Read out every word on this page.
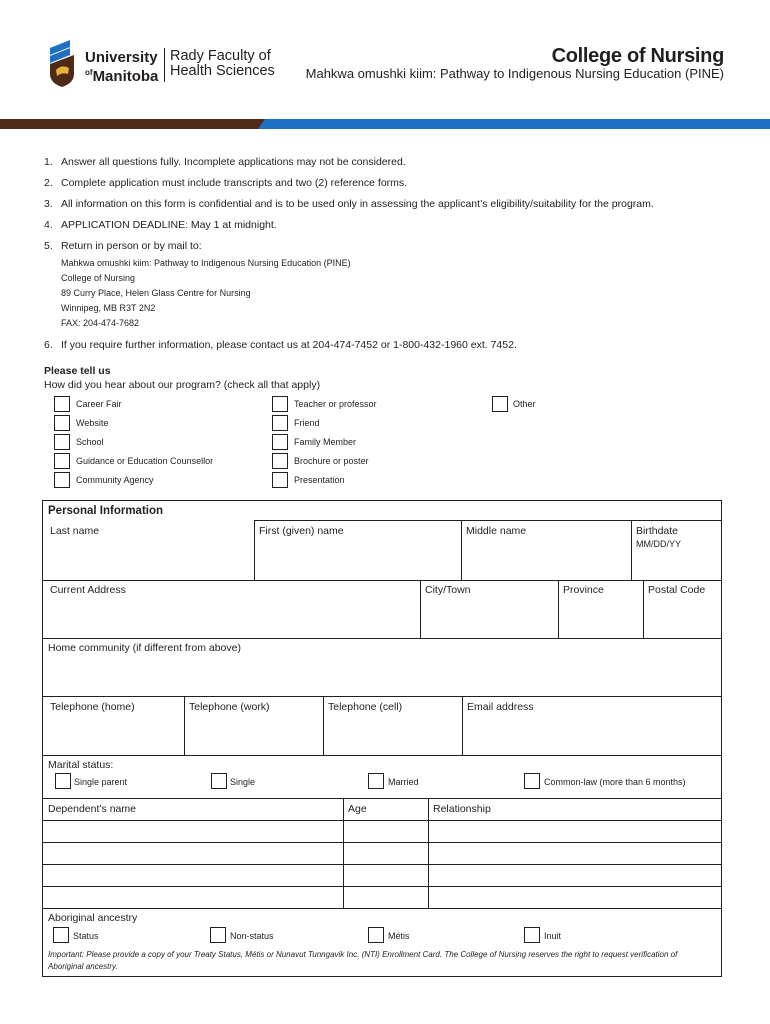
University
$^{of}$Manitoba
Rady Faculty of
Health Sciences
College of Nursing
Mahkwa omushki kiim: Pathway to Indigenous Nursing Education (PINE)
1. Answer all questions fully. Incomplete applications may not be considered.
2. Complete application must include transcripts and two (2) reference forms.
3. All information on this form is confidential and is to be used only in assessing the applicant’s eligibility/suitability for the program.
4. APPLICATION DEADLINE: May 1 at midnight.
5. Return in person or by mail to:
Mahkwa omushki kiim: Pathway to Indigenous Nursing Education (PINE)
College of Nursing
89 Curry Place, Helen Glass Centre for Nursing
Winnipeg, MB R3T 2N2
FAX: 204-474-7682
6. If you require further information, please contact us at 204-474-7452 or 1-800-432-1960 ext. 7452.
Please tell us
How did you hear about our program? (check all that apply)
Career Fair
Website
School
Guidance or Education Counsellor
Community Agency
Teacher or professor
Friend
Family Member
Brochure or poster
Presentation
Other
Personal Information
Last name	First (given) name	Middle name	Birthdate
MM/DD/YY
Current Address	City/Town	Province	Postal Code
Home community (if different from above)
Telephone (home)	Telephone (work)	Telephone (cell)	Email address
Marital status:
Single parent	Single	Married	Common-law (more than 6 months)
Dependent’s name	Age	Relationship
Aboriginal ancestry
Status	Non-status	Métis	Inuit
Important: Please provide a copy of your Treaty Status, Métis or Nunavut Tunngavik Inc. (NTI) Enrollment Card. The College of Nursing reserves the right to request verification of Aboriginal ancestry.
